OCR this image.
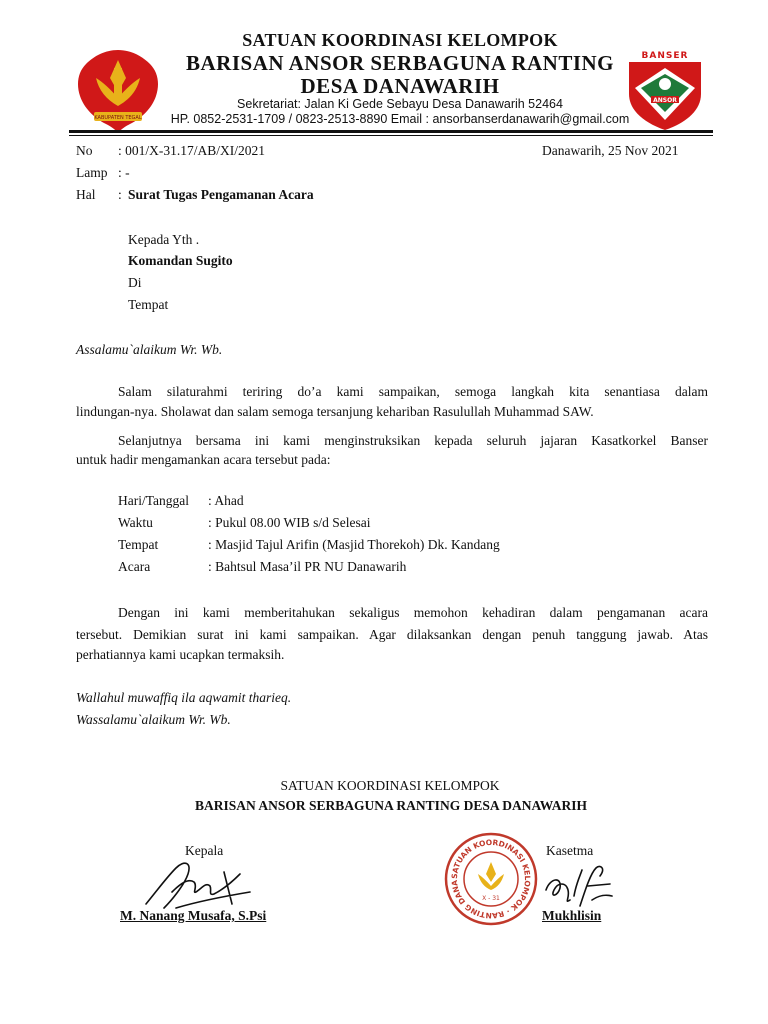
KABUPATEN TEGAL
ANSOR
BANSER
SATUAN KOORDINASI KELOMPOK
BARISAN ANSOR SERBAGUNA RANTING
DESA DANAWARIH
Sekretariat: Jalan Ki Gede Sebayu Desa Danawarih 52464
HP. 0852-2531-1709 / 0823-2513-8890 Email : ansorbanserdanawarih@gmail.com
No : 001/X-31.17/AB/XI/2021	Danawarih, 25 Nov 2021
Lamp : -
Hal : Surat Tugas Pengamanan Acara
Kepada Yth .
Komandan Sugito
Di
Tempat
Assalamu`alaikum Wr. Wb.
Salam silaturahmi teriring do’a kami sampaikan, semoga langkah kita senantiasa dalam
lindungan-nya. Sholawat dan salam semoga tersanjung kehariban Rasulullah Muhammad SAW.
Selanjutnya bersama ini kami menginstruksikan kepada seluruh jajaran Kasatkorkel Banser
untuk hadir mengamankan acara tersebut pada:
Hari/Tanggal : Ahad
Waktu	: Pukul 08.00 WIB s/d Selesai
Tempat	: Masjid Tajul Arifin (Masjid Thorekoh) Dk. Kandang
Acara	: Bahtsul Masa’il PR NU Danawarih
Dengan ini kami memberitahukan sekaligus memohon kehadiran dalam pengamanan acara
tersebut. Demikian surat ini kami sampaikan. Agar dilaksankan dengan penuh tanggung jawab. Atas
perhatiannya kami ucapkan termaksih.
Wallahul muwaffiq ila aqwamit tharieq.
Wassalamu`alaikum Wr. Wb.
SATUAN KOORDINASI KELOMPOK
BARISAN ANSOR SERBAGUNA RANTING DESA DANAWARIH
Kepala	Kasetma
SATUAN KOORDINASI KELOMPOK · RANTING DANA
X - 31
M. Nanang Musafa, S.Psi	Mukhlisin
